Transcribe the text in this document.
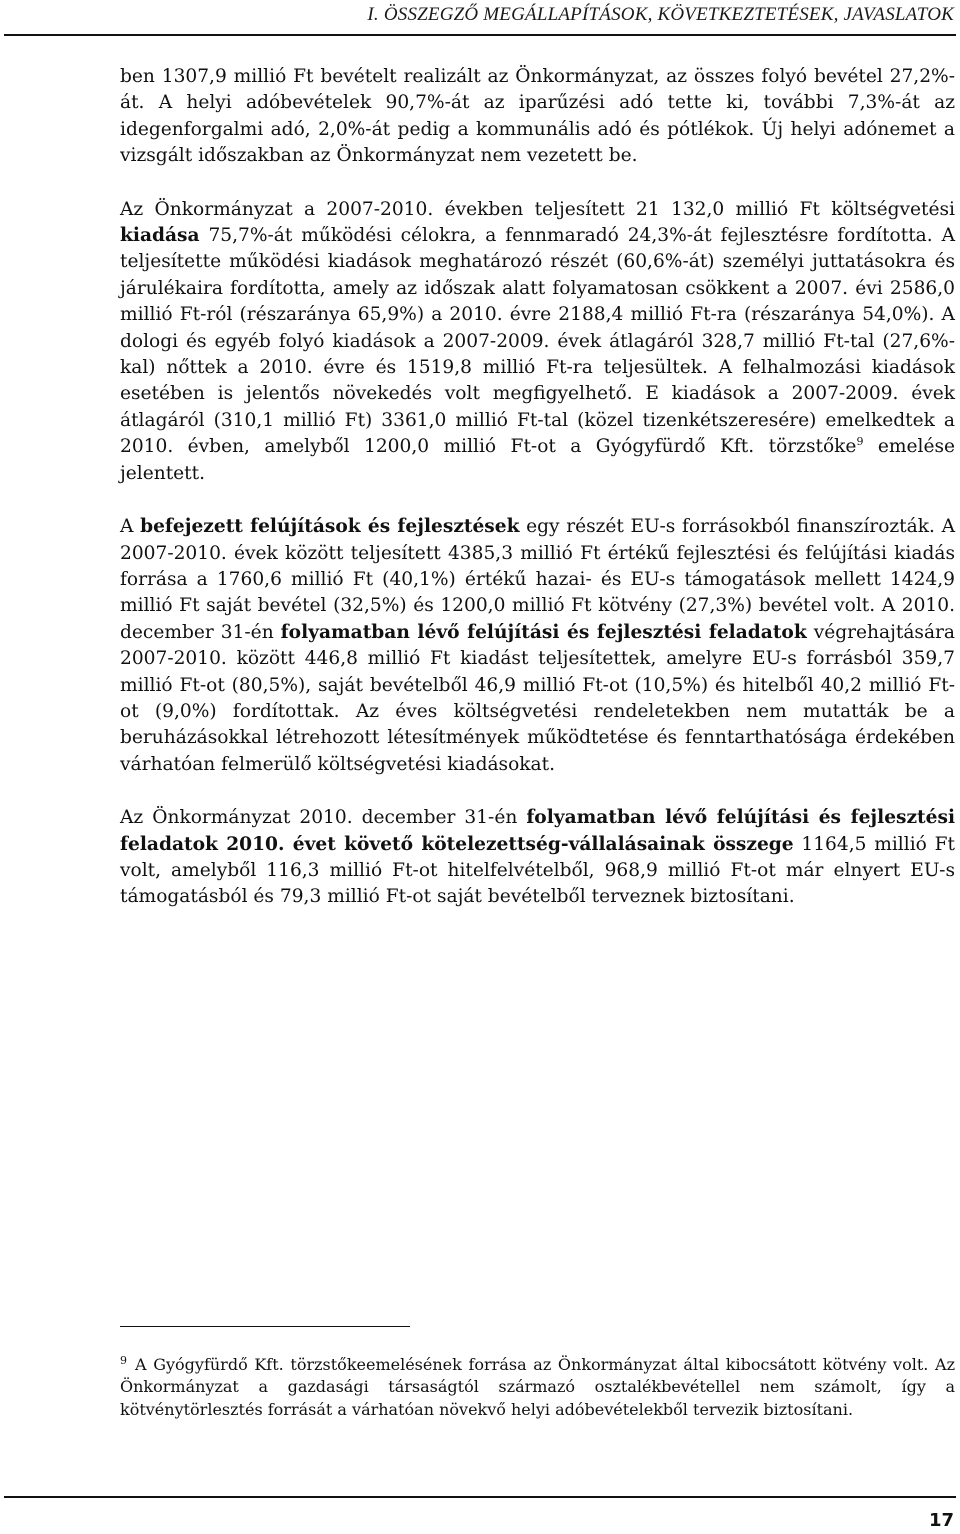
I. ÖSSZEGZŐ MEGÁLLAPÍTÁSOK, KÖVETKEZTETÉSEK, JAVASLATOK

ben 1307,9 millió Ft bevételt realizált az Önkormányzat, az összes folyó bevétel 27,2%-át. A helyi adóbevételek 90,7%-át az iparűzési adó tette ki, további 7,3%-át az idegenforgalmi adó, 2,0%-át pedig a kommunális adó és pótlékok. Új helyi adónemet a vizsgált időszakban az Önkormányzat nem vezetett be.

Az Önkormányzat a 2007-2010. években teljesített 21 132,0 millió Ft költségvetési kiadása 75,7%-át működési célokra, a fennmaradó 24,3%-át fejlesztésre fordította. A teljesítette működési kiadások meghatározó részét (60,6%-át) személyi juttatásokra és járulékaira fordította, amely az időszak alatt folyamatosan csökkent a 2007. évi 2586,0 millió Ft-ról (részaránya 65,9%) a 2010. évre 2188,4 millió Ft-ra (részaránya 54,0%). A dologi és egyéb folyó kiadások a 2007-2009. évek átlagáról 328,7 millió Ft-tal (27,6%-kal) nőttek a 2010. évre és 1519,8 millió Ft-ra teljesültek. A felhalmozási kiadások esetében is jelentős növekedés volt megfigyelhető. E kiadások a 2007-2009. évek átlagáról (310,1 millió Ft) 3361,0 millió Ft-tal (közel tizenkétszeresére) emelkedtek a 2010. évben, amelyből 1200,0 millió Ft-ot a Gyógyfürdő Kft. törzstőke$^9$ emelése jelentett.

A befejezett felújítások és fejlesztések egy részét EU-s forrásokból finanszírozták. A 2007-2010. évek között teljesített 4385,3 millió Ft értékű fejlesztési és felújítási kiadás forrása a 1760,6 millió Ft (40,1%) értékű hazai- és EU-s támogatások mellett 1424,9 millió Ft saját bevétel (32,5%) és 1200,0 millió Ft kötvény (27,3%) bevétel volt. A 2010. december 31-én folyamatban lévő felújítási és fejlesztési feladatok végrehajtására 2007-2010. között 446,8 millió Ft kiadást teljesítettek, amelyre EU-s forrásból 359,7 millió Ft-ot (80,5%), saját bevételből 46,9 millió Ft-ot (10,5%) és hitelből 40,2 millió Ft-ot (9,0%) fordítottak. Az éves költségvetési rendeletekben nem mutatták be a beruházásokkal létrehozott létesítmények működtetése és fenntarthatósága érdekében várhatóan felmerülő költségvetési kiadásokat.

Az Önkormányzat 2010. december 31-én folyamatban lévő felújítási és fejlesztési feladatok 2010. évet követő kötelezettség-vállalásainak összege 1164,5 millió Ft volt, amelyből 116,3 millió Ft-ot hitelfelvételből, 968,9 millió Ft-ot már elnyert EU-s támogatásból és 79,3 millió Ft-ot saját bevételből terveznek biztosítani.

$^9$ A Gyógyfürdő Kft. törzstőkeemelésének forrása az Önkormányzat által kibocsátott kötvény volt. Az Önkormányzat a gazdasági társaságtól származó osztalékbevétellel nem számolt, így a kötvénytörlesztés forrását a várhatóan növekvő helyi adóbevételekből tervezik biztosítani.
17
